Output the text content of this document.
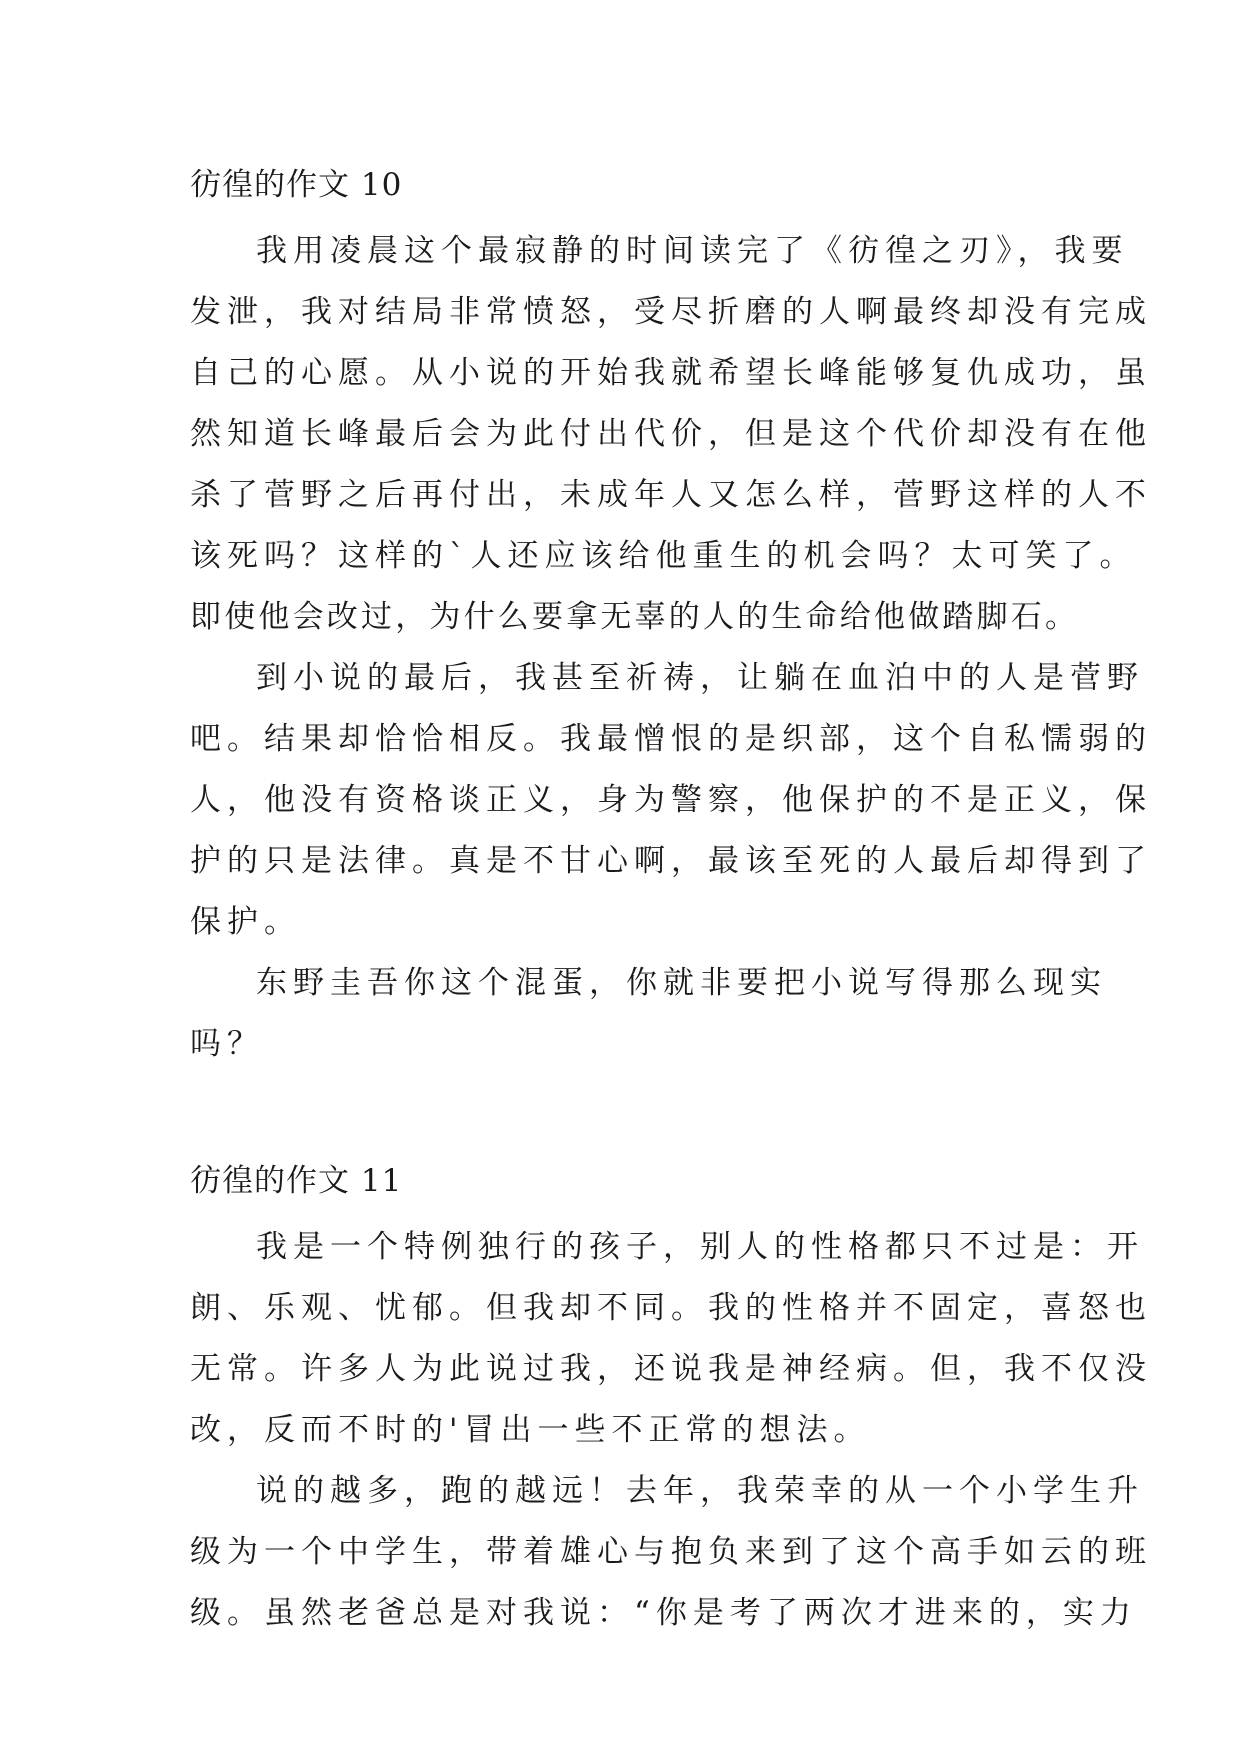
彷徨的作文 10
我用凌晨这个最寂静的时间读完了《彷徨之刃》，我要
发泄，我对结局非常愤怒，受尽折磨的人啊最终却没有完成
自己的心愿。从小说的开始我就希望长峰能够复仇成功，虽
然知道长峰最后会为此付出代价，但是这个代价却没有在他
杀了菅野之后再付出，未成年人又怎么样，菅野这样的人不
该死吗？这样的`人还应该给他重生的机会吗？太可笑了。
即使他会改过，为什么要拿无辜的人的生命给他做踏脚石。
到小说的最后，我甚至祈祷，让躺在血泊中的人是菅野
吧。结果却恰恰相反。我最憎恨的是织部，这个自私懦弱的
人，他没有资格谈正义，身为警察，他保护的不是正义，保
护的只是法律。真是不甘心啊，最该至死的人最后却得到了
保护。
东野圭吾你这个混蛋，你就非要把小说写得那么现实
吗？
彷徨的作文 11
我是一个特例独行的孩子，别人的性格都只不过是：开
朗、乐观、忧郁。但我却不同。我的性格并不固定，喜怒也
无常。许多人为此说过我，还说我是神经病。但，我不仅没
改，反而不时的'冒出一些不正常的想法。
说的越多，跑的越远！去年，我荣幸的从一个小学生升
级为一个中学生，带着雄心与抱负来到了这个高手如云的班
级。虽然老爸总是对我说：“你是考了两次才进来的，实力
